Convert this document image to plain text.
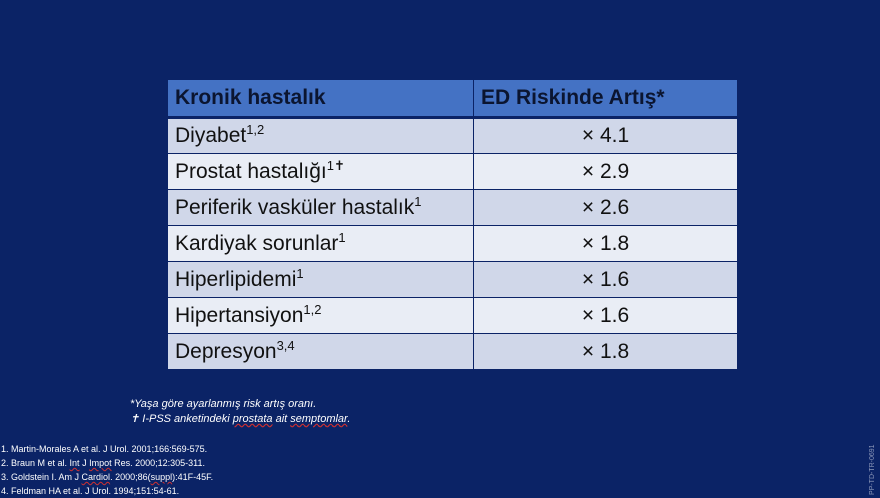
Kronik hastalık	ED Riskinde Artış*
Diyabet$^{1,2}$	× 4.1
Prostat hastalığı$^{1✝}$	× 2.9
Periferik vasküler hastalık$^1$	× 2.6
Kardiyak sorunlar$^1$	× 1.8
Hiperlipidemi$^1$	× 1.6
Hipertansiyon$^{1,2}$	× 1.6
Depresyon$^{3,4}$	× 1.8
*Yaşa göre ayarlanmış risk artış oranı.
✝ I-PSS anketindeki prostata ait semptomlar.
1. Martin-Morales A et al. J Urol. 2001;166:569-575.
2. Braun M et al. Int J Impot Res. 2000;12:305-311.
3. Goldstein I. Am J Cardiol. 2000;86(suppl):41F-45F.
4. Feldman HA et al. J Urol. 1994;151:54-61.	PP-TD-TR-0691
